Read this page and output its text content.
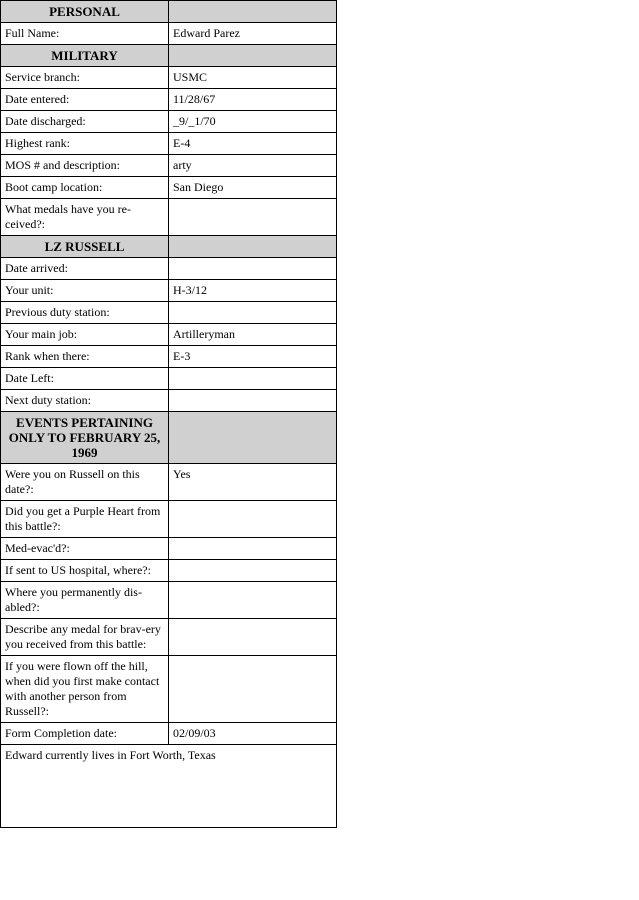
PERSONAL	
Full Name:	Edward Parez
MILITARY	
Service branch:	USMC
Date entered:	11/28/67
Date discharged:	_9/_1/70
Highest rank:	E-4
MOS # and description:	arty
Boot camp location:	San Diego
What medals have you re-ceived?:	
LZ RUSSELL	
Date arrived:	
Your unit:	H-3/12
Previous duty station:	
Your main job:	Artilleryman
Rank when there:	E-3
Date Left:	
Next duty station:	
EVENTS PERTAINING ONLY TO FEBRUARY 25, 1969	
Were you on Russell on this date?:	Yes
Did you get a Purple Heart from this battle?:	
Med-evac'd?:	
If sent to US hospital, where?:	
Where you permanently dis-abled?:	
Describe any medal for brav-ery you received from this battle:	
If you were flown off the hill, when did you first make contact with another person from Russell?:	
Form Completion date:	02/09/03
Edward currently lives in Fort Worth, Texas	
